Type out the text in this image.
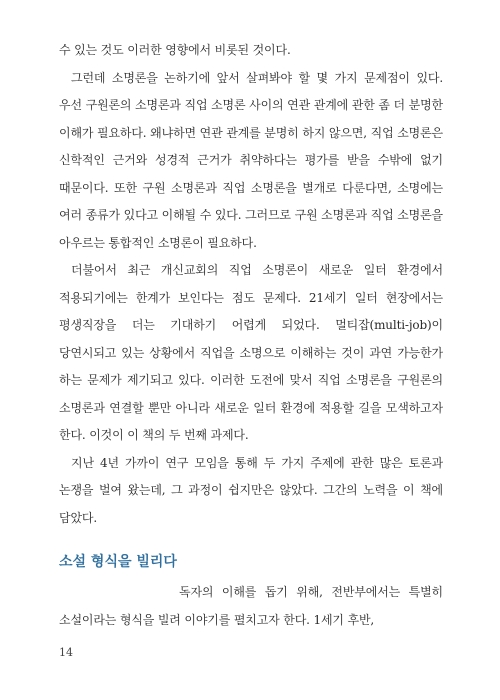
수 있는 것도 이러한 영향에서 비롯된 것이다.

그런데 소명론을 논하기에 앞서 살펴봐야 할 몇 가지 문제점이 있다. 우선 구원론의 소명론과 직업 소명론 사이의 연관 관계에 관한 좀 더 분명한 이해가 필요하다. 왜냐하면 연관 관계를 분명히 하지 않으면, 직업 소명론은 신학적인 근거와 성경적 근거가 취약하다는 평가를 받을 수밖에 없기 때문이다. 또한 구원 소명론과 직업 소명론을 별개로 다룬다면, 소명에는 여러 종류가 있다고 이해될 수 있다. 그러므로 구원 소명론과 직업 소명론을 아우르는 통합적인 소명론이 필요하다.

더불어서 최근 개신교회의 직업 소명론이 새로운 일터 환경에서 적용되기에는 한계가 보인다는 점도 문제다. 21세기 일터 현장에서는 평생직장을 더는 기대하기 어렵게 되었다. 멀티잡(multi-job)이 당연시되고 있는 상황에서 직업을 소명으로 이해하는 것이 과연 가능한가 하는 문제가 제기되고 있다. 이러한 도전에 맞서 직업 소명론을 구원론의 소명론과 연결할 뿐만 아니라 새로운 일터 환경에 적용할 길을 모색하고자 한다. 이것이 이 책의 두 번째 과제다.

지난 4년 가까이 연구 모임을 통해 두 가지 주제에 관한 많은 토론과 논쟁을 벌여 왔는데, 그 과정이 쉽지만은 않았다. 그간의 노력을 이 책에 담았다.

소설 형식을 빌리다

독자의 이해를 돕기 위해, 전반부에서는 특별히 소설이라는 형식을 빌려 이야기를 펼치고자 한다. 1세기 후반,

14
